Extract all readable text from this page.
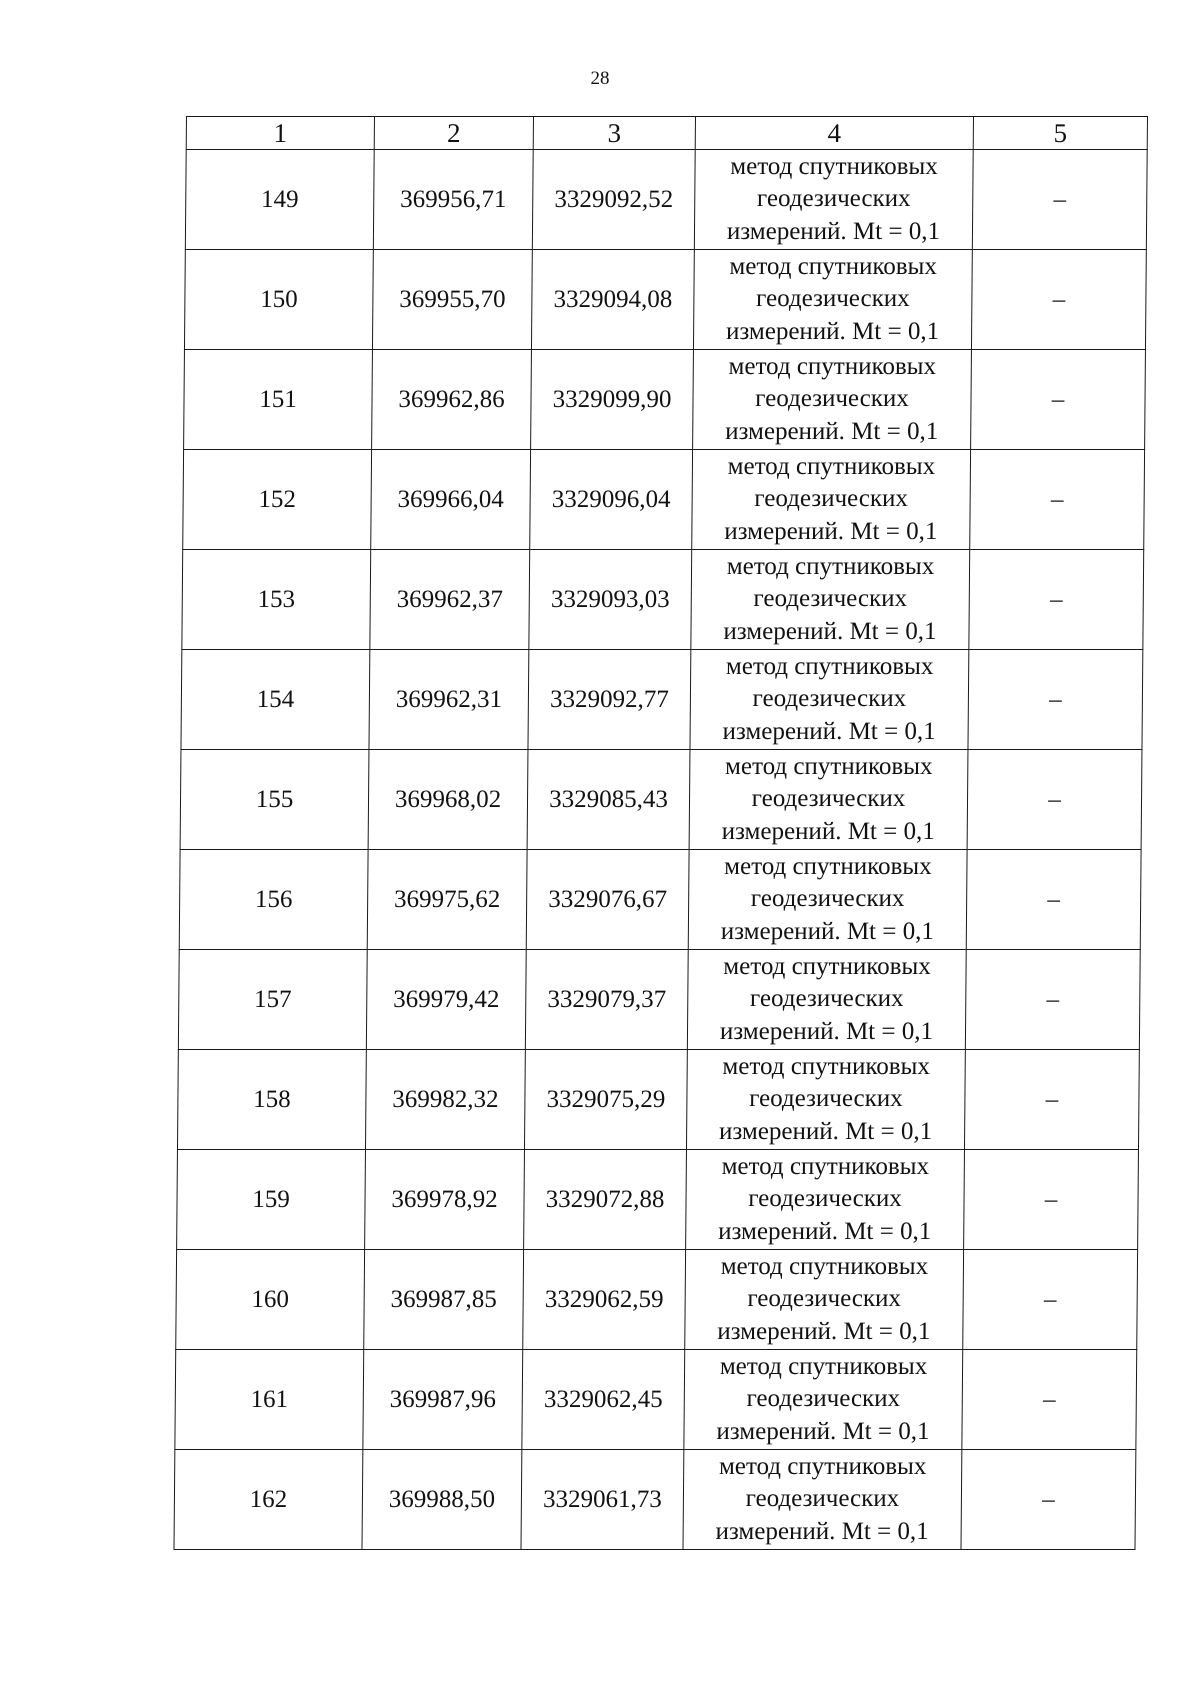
28
1	2	3	4	5
149	369956,71	3329092,52	метод спутниковых
геодезических
измерений. Mt = 0,1	–
150	369955,70	3329094,08	метод спутниковых
геодезических
измерений. Mt = 0,1	–
151	369962,86	3329099,90	метод спутниковых
геодезических
измерений. Mt = 0,1	–
152	369966,04	3329096,04	метод спутниковых
геодезических
измерений. Mt = 0,1	–
153	369962,37	3329093,03	метод спутниковых
геодезических
измерений. Mt = 0,1	–
154	369962,31	3329092,77	метод спутниковых
геодезических
измерений. Mt = 0,1	–
155	369968,02	3329085,43	метод спутниковых
геодезических
измерений. Mt = 0,1	–
156	369975,62	3329076,67	метод спутниковых
геодезических
измерений. Mt = 0,1	–
157	369979,42	3329079,37	метод спутниковых
геодезических
измерений. Mt = 0,1	–
158	369982,32	3329075,29	метод спутниковых
геодезических
измерений. Mt = 0,1	–
159	369978,92	3329072,88	метод спутниковых
геодезических
измерений. Mt = 0,1	–
160	369987,85	3329062,59	метод спутниковых
геодезических
измерений. Mt = 0,1	–
161	369987,96	3329062,45	метод спутниковых
геодезических
измерений. Mt = 0,1	–
162	369988,50	3329061,73	метод спутниковых
геодезических
измерений. Mt = 0,1	–
